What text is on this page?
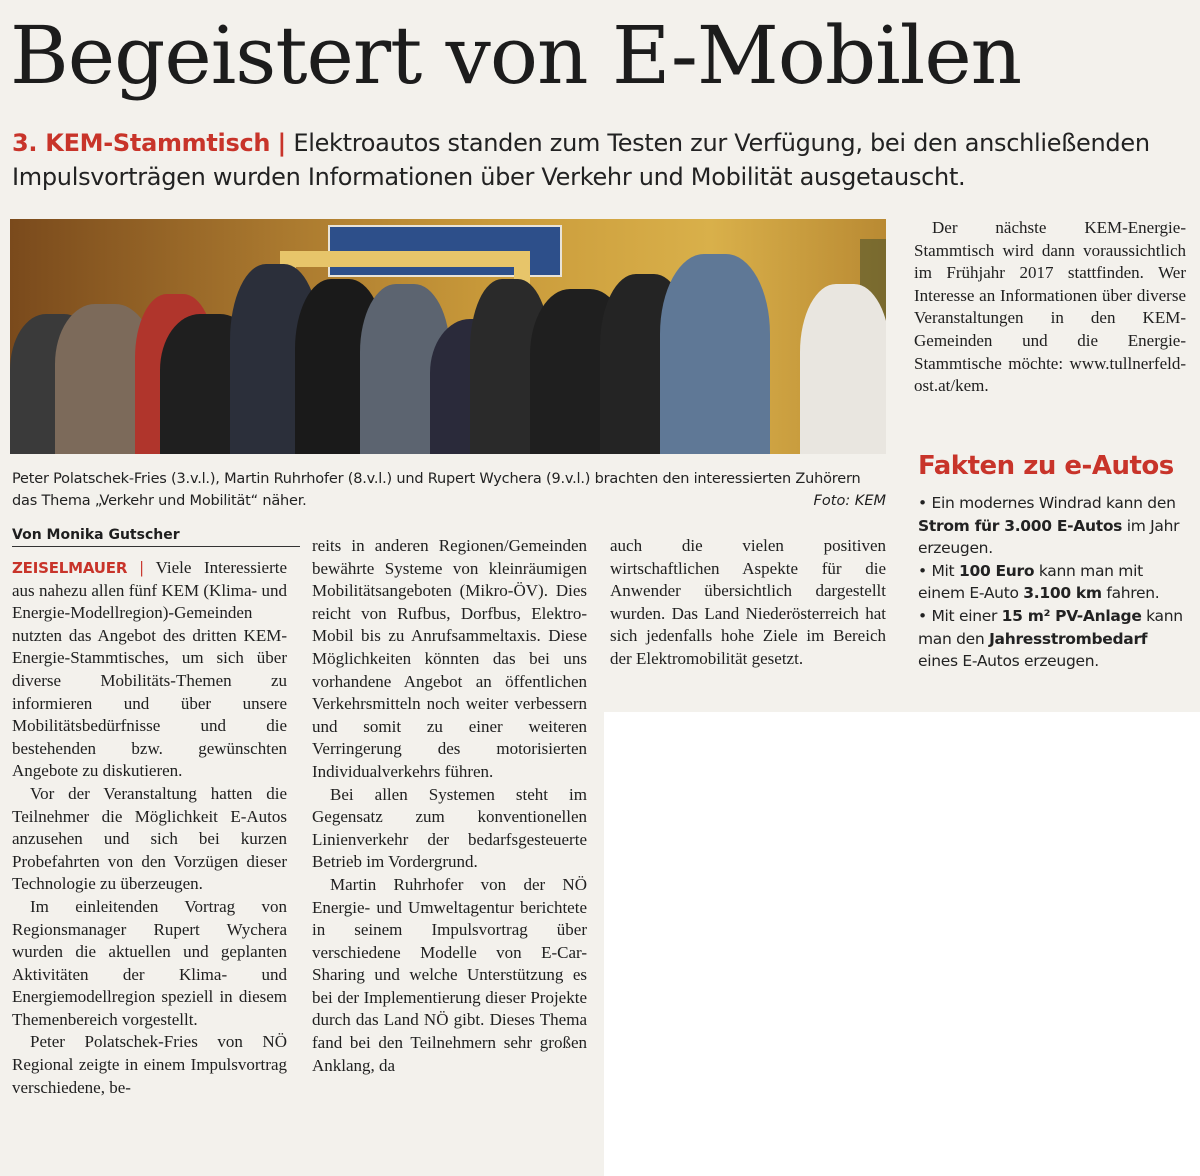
Begeistert von E-Mobilen
3. KEM-Stammtisch | Elektroautos standen zum Testen zur Verfügung, bei den anschließenden Impulsvorträgen wurden Informationen über Verkehr und Mobilität ausgetauscht.
Peter Polatschek-Fries (3.v.l.), Martin Ruhrhofer (8.v.l.) und Rupert Wychera (9.v.l.) brachten den interessierten Zuhörern das Thema „Verkehr und Mobilität“ näher.	Foto: KEM
Von Monika Gutscher

ZEISELMAUER | Viele Interessierte aus nahezu allen fünf KEM (Klima- und Energie-Modellregion)-Gemeinden nutzten das Angebot des dritten KEM-Energie-Stammtisches, um sich über diverse Mobilitäts-Themen zu informieren und über unsere Mobilitätsbedürfnisse und die bestehenden bzw. gewünschten Angebote zu diskutieren.

Vor der Veranstaltung hatten die Teilnehmer die Möglichkeit E-Autos anzusehen und sich bei kurzen Probefahrten von den Vorzügen dieser Technologie zu überzeugen.

Im einleitenden Vortrag von Regionsmanager Rupert Wychera wurden die aktuellen und geplanten Aktivitäten der Klima- und Energiemodellregion speziell in diesem Themenbereich vorgestellt.

Peter Polatschek-Fries von NÖ Regional zeigte in einem Impulsvortrag verschiedene, be-

reits in anderen Regionen/Gemeinden bewährte Systeme von kleinräumigen Mobilitätsangeboten (Mikro-ÖV). Dies reicht von Rufbus, Dorfbus, Elektro-Mobil bis zu Anrufsammeltaxis. Diese Möglichkeiten könnten das bei uns vorhandene Angebot an öffentlichen Verkehrsmitteln noch weiter verbessern und somit zu einer weiteren Verringerung des motorisierten Individualverkehrs führen.

Bei allen Systemen steht im Gegensatz zum konventionellen Linienverkehr der bedarfsgesteuerte Betrieb im Vordergrund.

Martin Ruhrhofer von der NÖ Energie- und Umweltagentur berichtete in seinem Impulsvortrag über verschiedene Modelle von E-Car-Sharing und welche Unterstützung es bei der Implementierung dieser Projekte durch das Land NÖ gibt. Dieses Thema fand bei den Teilnehmern sehr großen Anklang, da

auch die vielen positiven wirtschaftlichen Aspekte für die Anwender übersichtlich dargestellt wurden. Das Land Niederösterreich hat sich jedenfalls hohe Ziele im Bereich der Elektromobilität gesetzt.

Der nächste KEM-Energie-Stammtisch wird dann voraussichtlich im Frühjahr 2017 stattfinden. Wer Interesse an Informationen über diverse Veranstaltungen in den KEM-Gemeinden und die Energie-Stammtische möchte: www.tullnerfeld-ost.at/kem.

Fakten zu e-Autos

• Ein modernes Windrad kann den Strom für 3.000 E-Autos im Jahr erzeugen.

• Mit 100 Euro kann man mit einem E-Auto 3.100 km fahren.

• Mit einer 15 m² PV-Anlage kann man den Jahresstrombedarf eines E-Autos erzeugen.
